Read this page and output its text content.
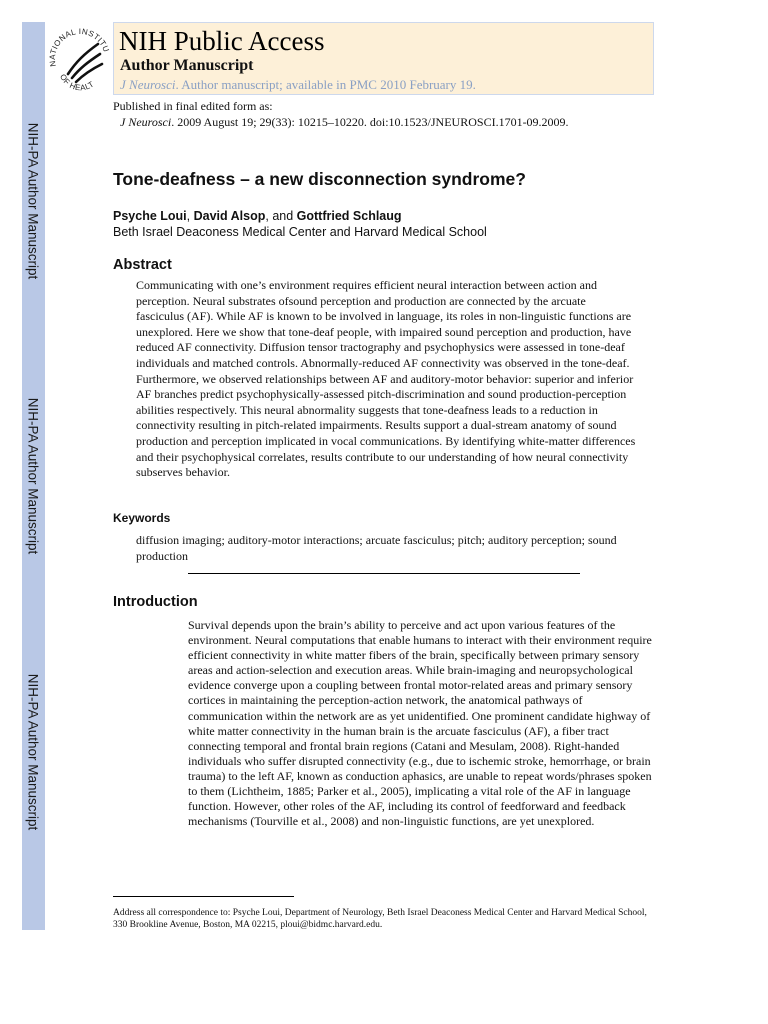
NIH-PA Author Manuscript
NIH-PA Author Manuscript
NIH-PA Author Manuscript
NATIONAL INSTITU
OF HEALT
NIH Public Access
Author Manuscript
J Neurosci. Author manuscript; available in PMC 2010 February 19.
Published in final edited form as:
J Neurosci. 2009 August 19; 29(33): 10215–10220. doi:10.1523/JNEUROSCI.1701-09.2009.
Tone-deafness – a new disconnection syndrome?
Psyche Loui, David Alsop, and Gottfried Schlaug
Beth Israel Deaconess Medical Center and Harvard Medical School
Abstract

Communicating with one’s environment requires efficient neural interaction between action and perception. Neural substrates ofsound perception and production are connected by the arcuate fasciculus (AF). While AF is known to be involved in language, its roles in non-linguistic functions are unexplored. Here we show that tone-deaf people, with impaired sound perception and production, have reduced AF connectivity. Diffusion tensor tractography and psychophysics were assessed in tone-deaf individuals and matched controls. Abnormally-reduced AF connectivity was observed in the tone-deaf. Furthermore, we observed relationships between AF and auditory-motor behavior: superior and inferior AF branches predict psychophysically-assessed pitch-discrimination and sound production-perception abilities respectively. This neural abnormality suggests that tone-deafness leads to a reduction in connectivity resulting in pitch-related impairments. Results support a dual-stream anatomy of sound production and perception implicated in vocal communications. By identifying white-matter differences and their psychophysical correlates, results contribute to our understanding of how neural connectivity subserves behavior.

Keywords

diffusion imaging; auditory-motor interactions; arcuate fasciculus; pitch; auditory perception; sound production

Introduction

Survival depends upon the brain’s ability to perceive and act upon various features of the environment. Neural computations that enable humans to interact with their environment require efficient connectivity in white matter fibers of the brain, specifically between primary sensory areas and action-selection and execution areas. While brain-imaging and neuropsychological evidence converge upon a coupling between frontal motor-related areas and primary sensory cortices in maintaining the perception-action network, the anatomical pathways of communication within the network are as yet unidentified. One prominent candidate highway of white matter connectivity in the human brain is the arcuate fasciculus (AF), a fiber tract connecting temporal and frontal brain regions (Catani and Mesulam, 2008). Right-handed individuals who suffer disrupted connectivity (e.g., due to ischemic stroke, hemorrhage, or brain trauma) to the left AF, known as conduction aphasics, are unable to repeat words/phrases spoken to them (Lichtheim, 1885; Parker et al., 2005), implicating a vital role of the AF in language function. However, other roles of the AF, including its control of feedforward and feedback mechanisms (Tourville et al., 2008) and non-linguistic functions, are yet unexplored.

Address all correspondence to: Psyche Loui, Department of Neurology, Beth Israel Deaconess Medical Center and Harvard Medical School, 330 Brookline Avenue, Boston, MA 02215, ploui@bidmc.harvard.edu.
